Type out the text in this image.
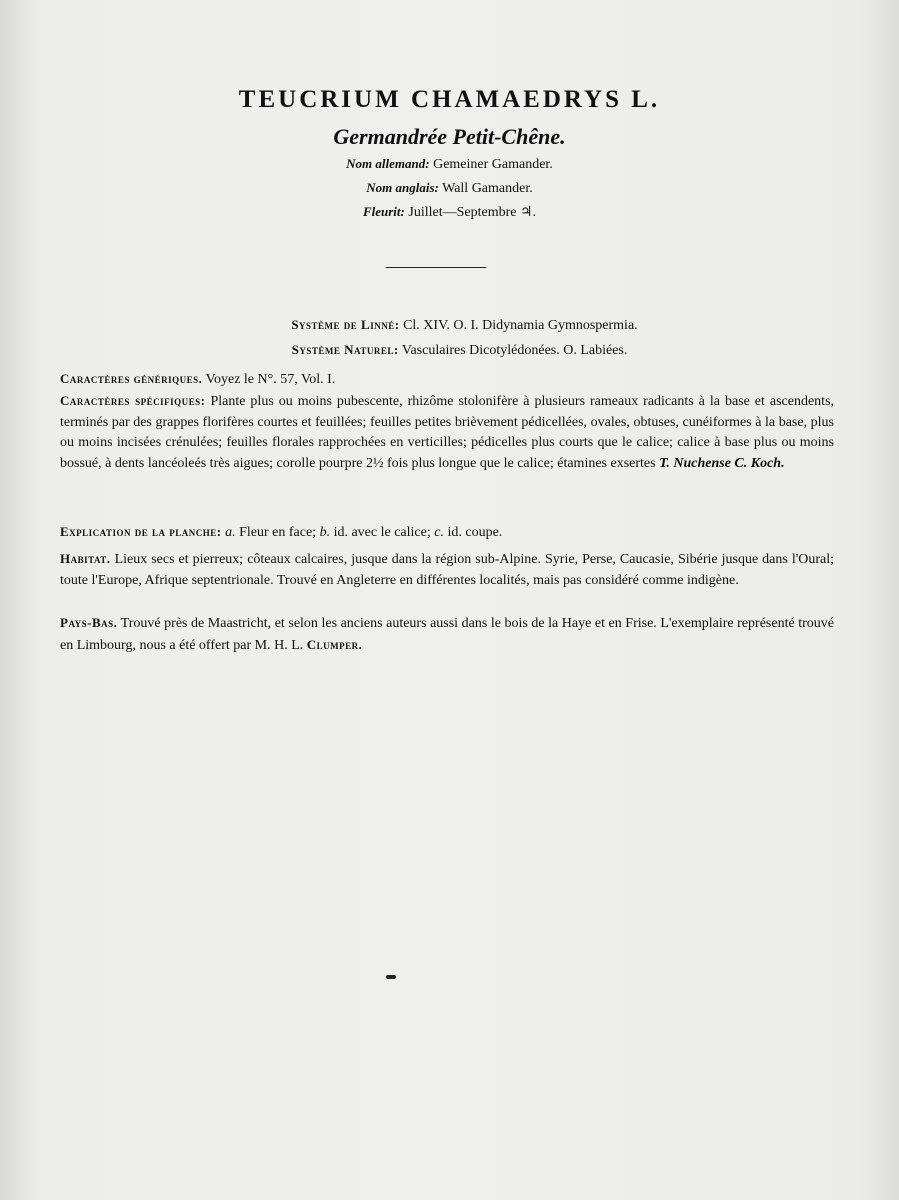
TEUCRIUM CHAMAEDRYS L.
Germandrée Petit-Chêne.
Nom allemand: Gemeiner Gamander.
Nom anglais: Wall Gamander.
Fleurit: Juillet—Septembre ♃.
Système de Linné: Cl. XIV. O. I. Didynamia Gymnospermia.
Système Naturel: Vasculaires Dicotylédonées. O. Labiées.
Caractères génériques. Voyez le N°. 57, Vol. I.
Caractères spécifiques: Plante plus ou moins pubescente, rhizôme stolonifère à plusieurs rameaux radicants à la base et ascendents, terminés par des grappes florifères courtes et feuillées; feuilles petites brièvement pédicellées, ovales, obtuses, cunéiformes à la base, plus ou moins incisées crénulées; feuilles florales rapprochées en verticilles; pédicelles plus courts que le calice; calice à base plus ou moins bossué, à dents lancéoleés très aigues; corolle pourpre 2½ fois plus longue que le calice; étamines exsertes T. Nuchense C. Koch.
Explication de la planche: a. Fleur en face; b. id. avec le calice; c. id. coupe.
Habitat. Lieux secs et pierreux; côteaux calcaires, jusque dans la région sub-Alpine. Syrie, Perse, Caucasie, Sibérie jusque dans l'Oural; toute l'Europe, Afrique septentrionale. Trouvé en Angleterre en différentes localités, mais pas considéré comme indigène.
Pays-Bas. Trouvé près de Maastricht, et selon les anciens auteurs aussi dans le bois de la Haye et en Frise. L'exemplaire représenté trouvé en Limbourg, nous a été offert par M. H. L. Clumper.
